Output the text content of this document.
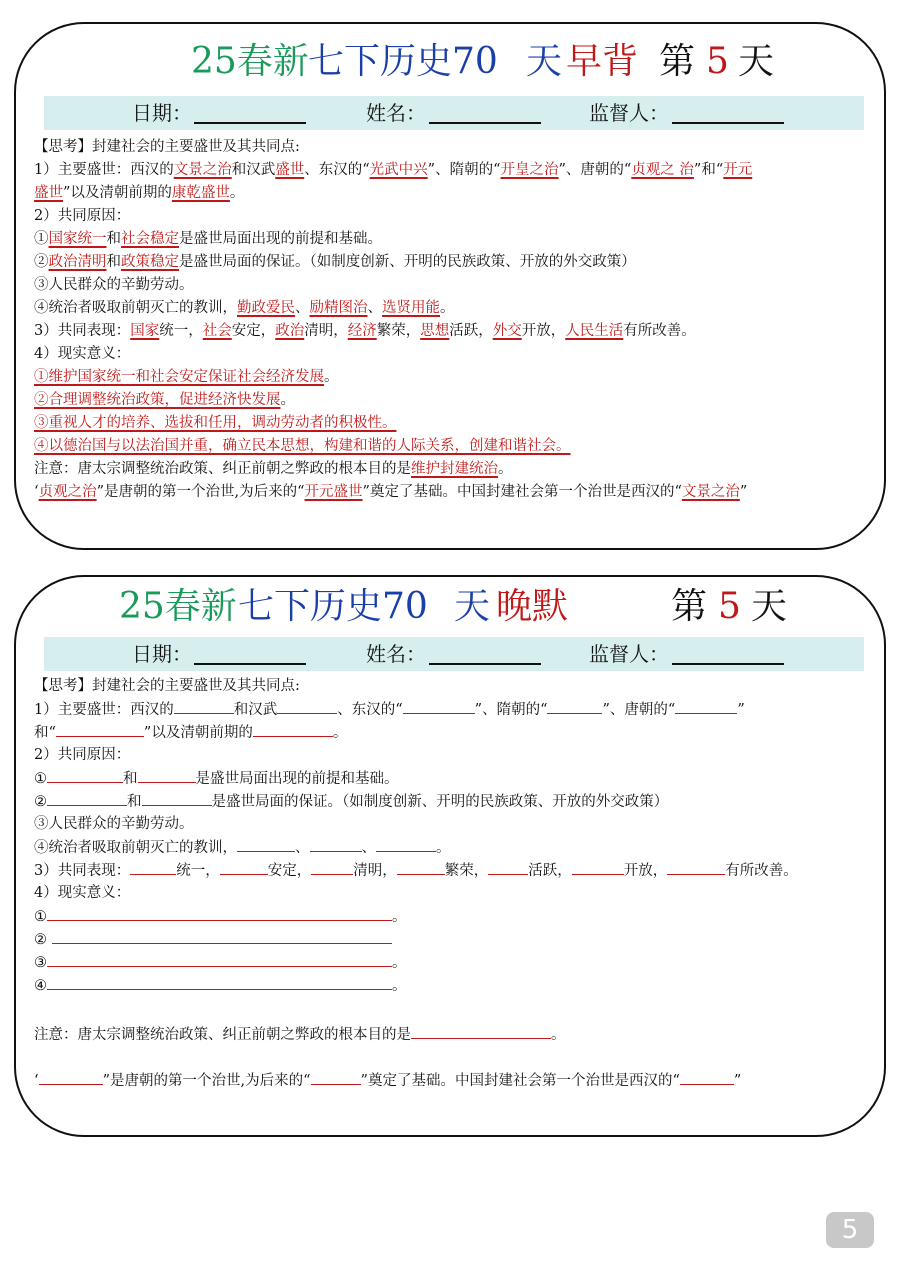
25春新 七下历史70 天 早背 第 5 天
日期：	姓名：	监督人：
【思考】封建社会的主要盛世及其共同点:
1）主要盛世：西汉的文景之治和汉武盛世、东汉的“光武中兴”、隋朝的“开皇之治”、唐朝的“贞观之 治”和“开元
盛世”以及清朝前期的康乾盛世。
2）共同原因：
①国家统一和社会稳定是盛世局面出现的前提和基础。
②政治清明和政策稳定是盛世局面的保证。（如制度创新、开明的民族政策、开放的外交政策）
③人民群众的辛勤劳动。
④统治者吸取前朝灭亡的教训，勤政爱民、励精图治、选贤用能。
3）共同表现：国家统一，社会安定，政治清明，经济繁荣，思想活跃，外交开放，人民生活有所改善。
4）现实意义：
①维护国家统一和社会安定保证社会经济发展。
②合理调整统治政策，促进经济快发展。
③重视人才的培养、选拔和任用，调动劳动者的积极性。
④以德治国与以法治国并重，确立民本思想，构建和谐的人际关系，创建和谐社会。
注意：唐太宗调整统治政策、纠正前朝之弊政的根本目的是维护封建统治。
‘贞观之治”是唐朝的第一个治世,为后来的“开元盛世”奠定了基础。中国封建社会第一个治世是西汉的“文景之治”
25春新 七下历史70 天 晚默	第 5 天
日期：	姓名：	监督人：
【思考】封建社会的主要盛世及其共同点:
1）主要盛世：西汉的	和汉武	、东汉的“	”、隋朝的“	”、唐朝的“	”
和“	”以及清朝前期的	。
2）共同原因：
①	和	是盛世局面出现的前提和基础。
②	和	是盛世局面的保证。（如制度创新、开明的民族政策、开放的外交政策）
③人民群众的辛勤劳动。
④统治者吸取前朝灭亡的教训，	、	、	。
3）共同表现：	统一，	安定，	清明，	繁荣，	活跃，	开放，	有所改善。
4）现实意义：
①	。
②
③	。
④	。
注意：唐太宗调整统治政策、纠正前朝之弊政的根本目的是	。
‘	”是唐朝的第一个治世,为后来的“	”奠定了基础。中国封建社会第一个治世是西汉的“	”
5
